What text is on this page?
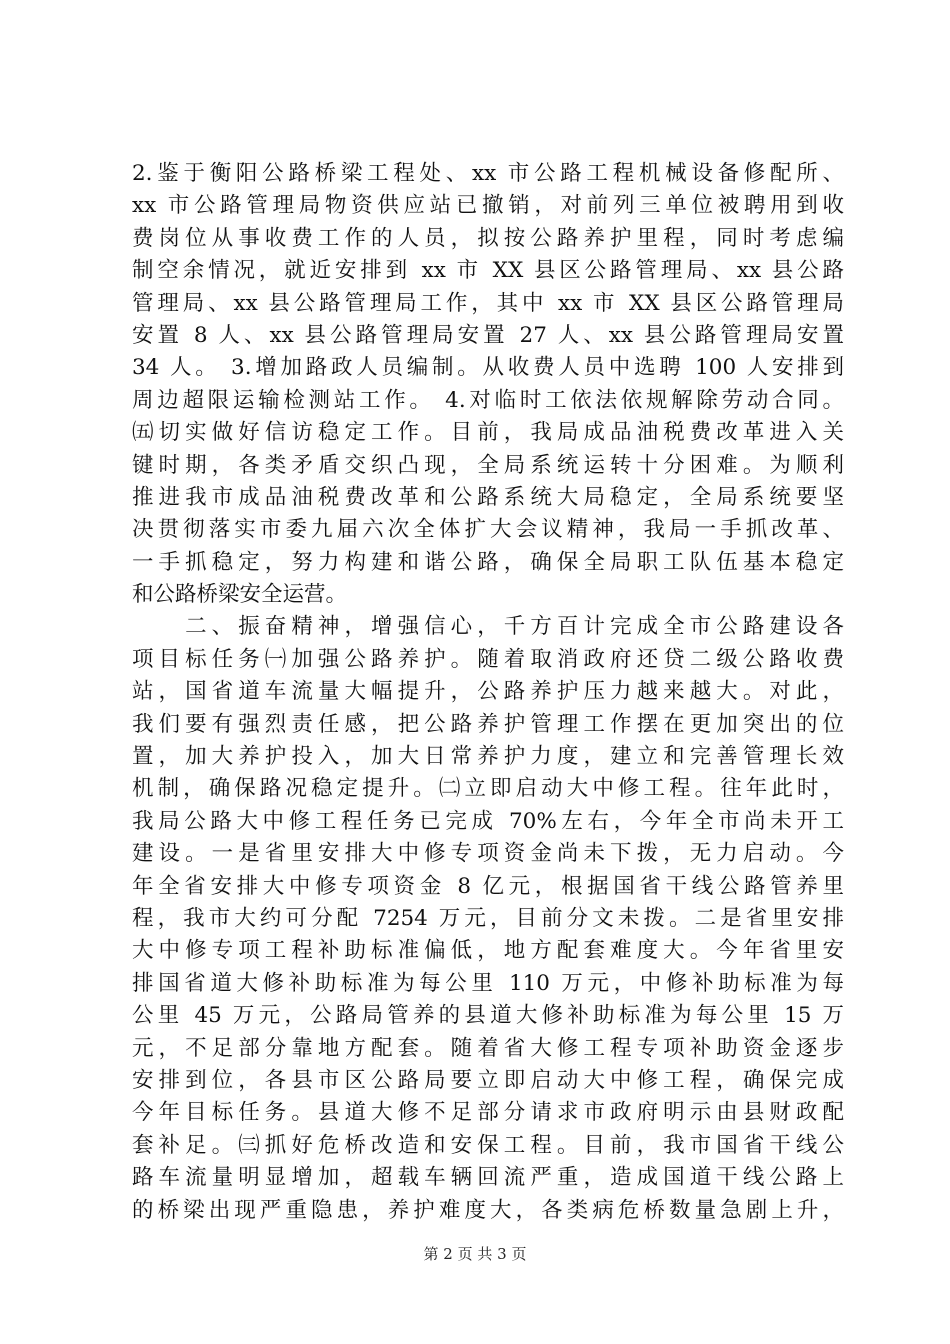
2.鉴于衡阳公路桥梁工程处、xx 市公路工程机械设备修配所、
xx 市公路管理局物资供应站已撤销，对前列三单位被聘用到收
费岗位从事收费工作的人员，拟按公路养护里程，同时考虑编
制空余情况，就近安排到 xx 市 XX 县区公路管理局、xx 县公路
管理局、xx 县公路管理局工作，其中 xx 市 XX 县区公路管理局
安置 8 人、xx 县公路管理局安置 27 人、xx 县公路管理局安置
34 人。 3.增加路政人员编制。从收费人员中选聘 100 人安排到
周边超限运输检测站工作。 4.对临时工依法依规解除劳动合同。
㈤切实做好信访稳定工作。目前，我局成品油税费改革进入关
键时期，各类矛盾交织凸现，全局系统运转十分困难。为顺利
推进我市成品油税费改革和公路系统大局稳定，全局系统要坚
决贯彻落实市委九届六次全体扩大会议精神，我局一手抓改革、
一手抓稳定，努力构建和谐公路，确保全局职工队伍基本稳定
和公路桥梁安全运营。
　　二、振奋精神，增强信心，千方百计完成全市公路建设各
项目标任务㈠加强公路养护。随着取消政府还贷二级公路收费
站，国省道车流量大幅提升，公路养护压力越来越大。对此，
我们要有强烈责任感，把公路养护管理工作摆在更加突出的位
置，加大养护投入，加大日常养护力度，建立和完善管理长效
机制，确保路况稳定提升。㈡立即启动大中修工程。往年此时，
我局公路大中修工程任务已完成 70%左右，今年全市尚未开工
建设。一是省里安排大中修专项资金尚未下拨，无力启动。今
年全省安排大中修专项资金 8 亿元，根据国省干线公路管养里
程，我市大约可分配 7254 万元，目前分文未拨。二是省里安排
大中修专项工程补助标准偏低，地方配套难度大。今年省里安
排国省道大修补助标准为每公里 110 万元，中修补助标准为每
公里 45 万元，公路局管养的县道大修补助标准为每公里 15 万
元，不足部分靠地方配套。随着省大修工程专项补助资金逐步
安排到位，各县市区公路局要立即启动大中修工程，确保完成
今年目标任务。县道大修不足部分请求市政府明示由县财政配
套补足。㈢抓好危桥改造和安保工程。目前，我市国省干线公
路车流量明显增加，超载车辆回流严重，造成国道干线公路上
的桥梁出现严重隐患，养护难度大，各类病危桥数量急剧上升，
第 2 页 共 3 页
